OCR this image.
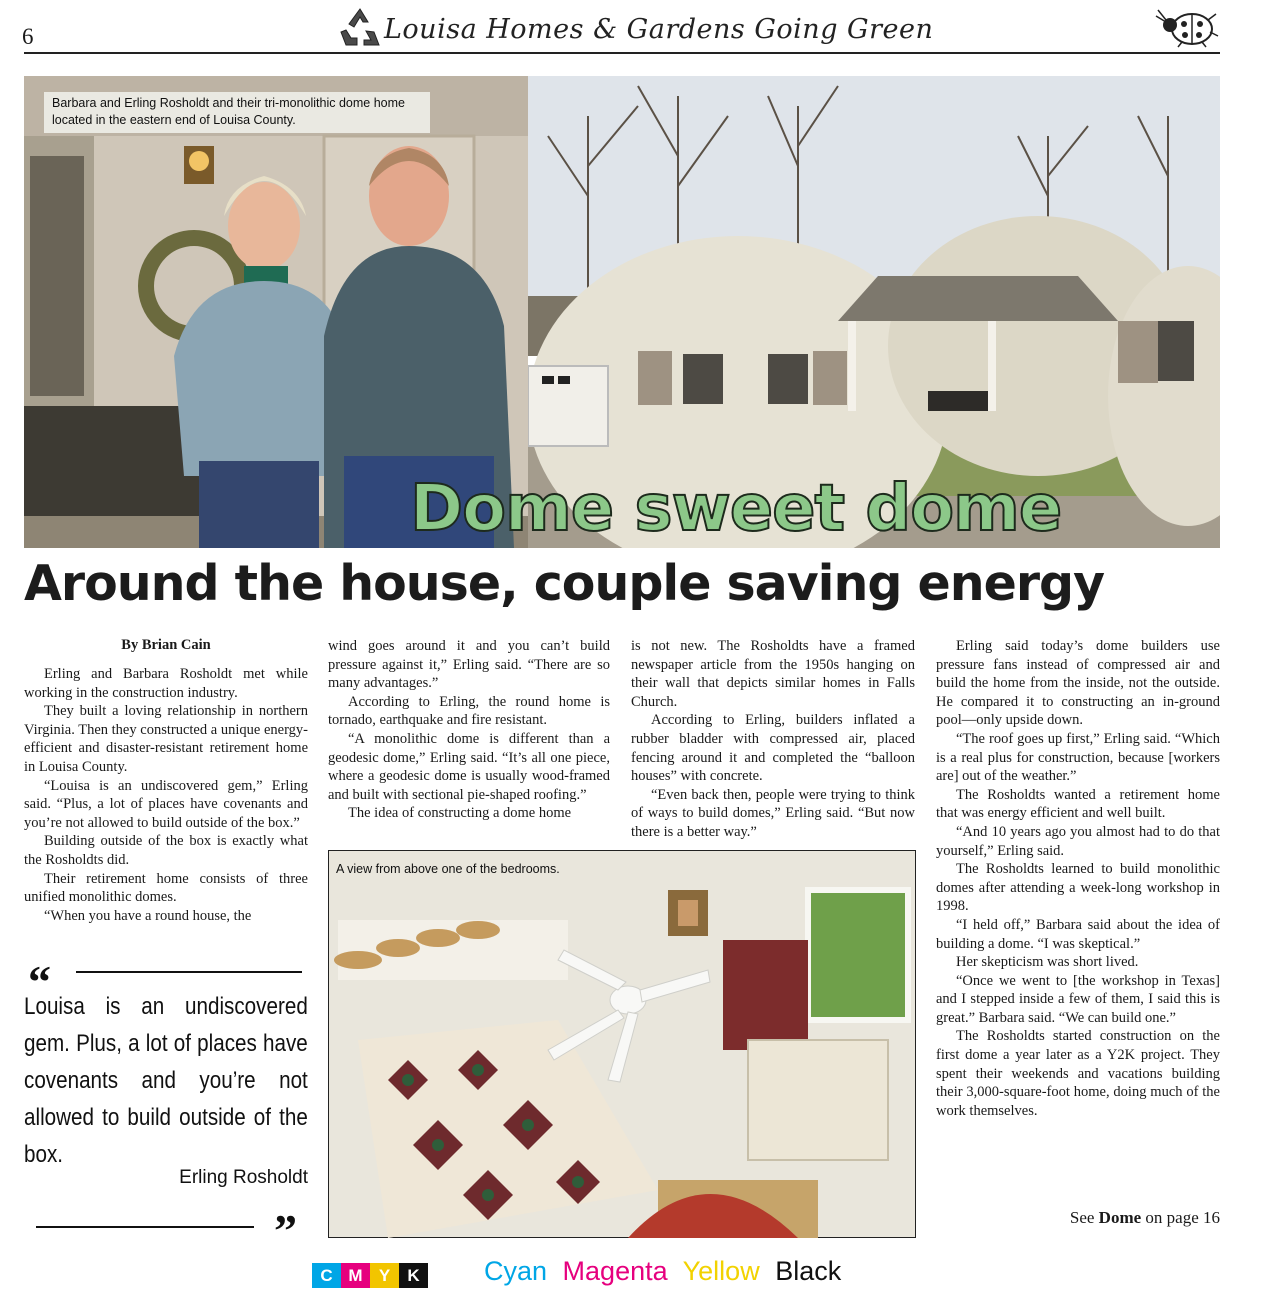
6	Louisa Homes & Gardens Going Green
Barbara and Erling Rosholdt and their tri-monolithic dome home located in the eastern end of Louisa County.
Dome sweet dome
Around the house, couple saving energy
By Brian Cain

Erling and Barbara Rosholdt met while working in the construction industry.

They built a loving relationship in northern Virginia. Then they constructed a unique energy-efficient and disaster-resistant retirement home in Louisa County.

“Louisa is an undiscovered gem,” Erling said. “Plus, a lot of places have covenants and you’re not allowed to build outside of the box.”

Building outside of the box is exactly what the Rosholdts did.

Their retirement home consists of three unified monolithic domes.

“When you have a round house, the

wind goes around it and you can’t build pressure against it,” Erling said. “There are so many advantages.”

According to Erling, the round home is tornado, earthquake and fire resistant.

“A monolithic dome is different than a geodesic dome,” Erling said. “It’s all one piece, where a geodesic dome is usually wood-framed and built with sectional pie-shaped roofing.”

The idea of constructing a dome home

is not new. The Rosholdts have a framed newspaper article from the 1950s hanging on their wall that depicts similar homes in Falls Church.

According to Erling, builders inflated a rubber bladder with compressed air, placed fencing around it and completed the “balloon houses” with concrete.

“Even back then, people were trying to think of ways to build domes,” Erling said. “But now there is a better way.”

Erling said today’s dome builders use pressure fans instead of compressed air and build the home from the inside, not the outside. He compared it to constructing an in-ground pool—only upside down.

“The roof goes up first,” Erling said. “Which is a real plus for construction, because [workers are] out of the weather.”

The Rosholdts wanted a retirement home that was energy efficient and well built.

“And 10 years ago you almost had to do that yourself,” Erling said.

The Rosholdts learned to build monolithic domes after attending a week-long workshop in 1998.

“I held off,” Barbara said about the idea of building a dome. “I was skeptical.”

Her skepticism was short lived.

“Once we went to [the workshop in Texas] and I stepped inside a few of them, I said this is great.” Barbara said. “We can build one.”

The Rosholdts started construction on the first dome a year later as a Y2K project. They spent their weekends and vacations building their 3,000-square-foot home, doing much of the work themselves.

A view from above one of the bedrooms.
“
Louisa is an undiscovered gem. Plus, a lot of places have covenants and you’re not allowed to build outside of the box.
Erling Rosholdt
”	See Dome on page 16
C M Y	K	Cyan Magenta Yellow Black
